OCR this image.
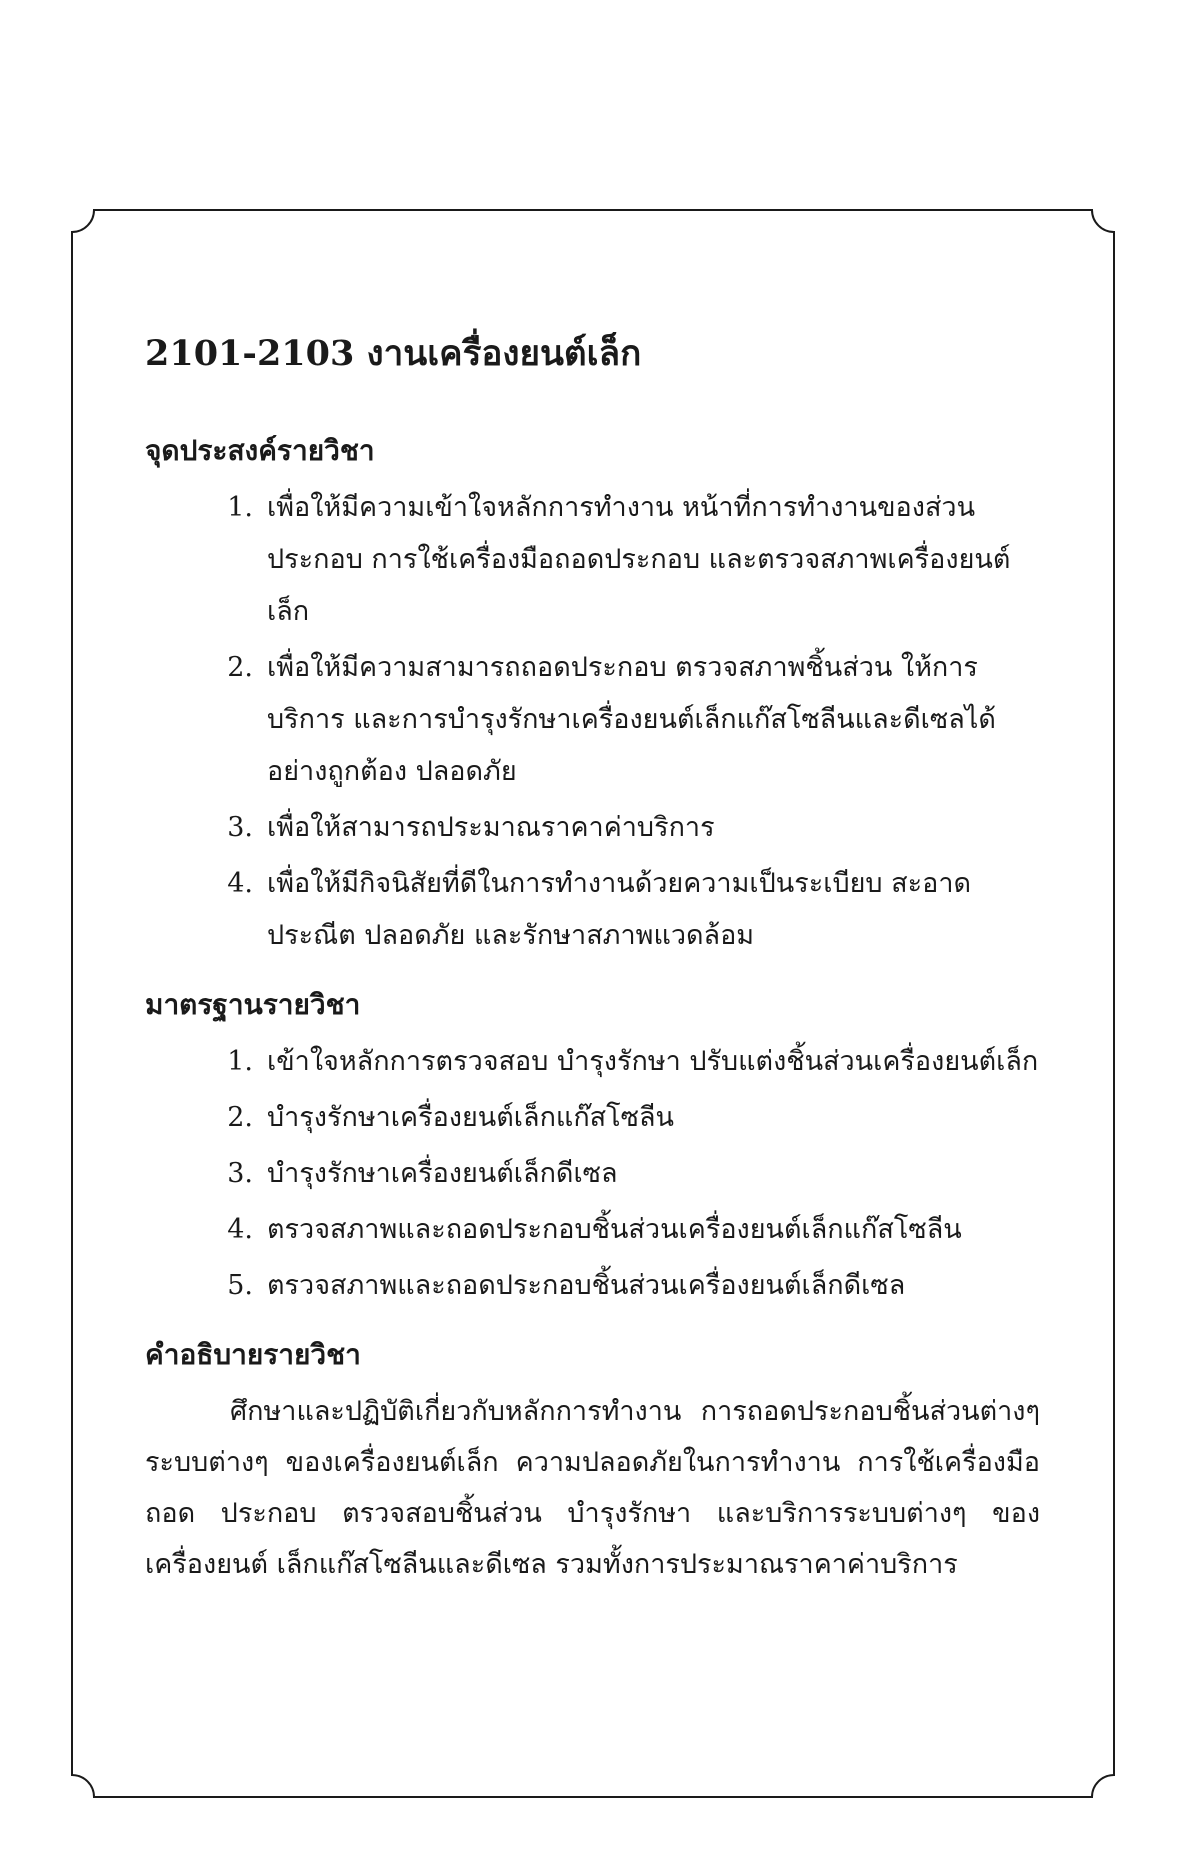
2101-2103 งานเครื่องยนต์เล็ก
จุดประสงค์รายวิชา
1. เพื่อให้มีความเข้าใจหลักการทำงาน หน้าที่การทำงานของส่วนประกอบ การใช้เครื่องมือถอดประกอบ และตรวจสภาพเครื่องยนต์เล็ก
2. เพื่อให้มีความสามารถถอดประกอบ ตรวจสภาพชิ้นส่วน ให้การบริการ และการบำรุงรักษาเครื่องยนต์เล็กแก๊สโซลีนและดีเซลได้อย่างถูกต้อง ปลอดภัย
3. เพื่อให้สามารถประมาณราคาค่าบริการ
4. เพื่อให้มีกิจนิสัยที่ดีในการทำงานด้วยความเป็นระเบียบ สะอาด ประณีต ปลอดภัย และรักษาสภาพแวดล้อม
มาตรฐานรายวิชา
1. เข้าใจหลักการตรวจสอบ บำรุงรักษา ปรับแต่งชิ้นส่วนเครื่องยนต์เล็ก
2. บำรุงรักษาเครื่องยนต์เล็กแก๊สโซลีน
3. บำรุงรักษาเครื่องยนต์เล็กดีเซล
4. ตรวจสภาพและถอดประกอบชิ้นส่วนเครื่องยนต์เล็กแก๊สโซลีน
5. ตรวจสภาพและถอดประกอบชิ้นส่วนเครื่องยนต์เล็กดีเซล
คำอธิบายรายวิชา

ศึกษาและปฏิบัติเกี่ยวกับหลักการทำงาน การถอดประกอบชิ้นส่วนต่างๆ ระบบต่างๆ ของเครื่องยนต์เล็ก ความปลอดภัยในการทำงาน การใช้เครื่องมือถอด ประกอบ ตรวจสอบชิ้นส่วน บำรุงรักษา และบริการระบบต่างๆ ของเครื่องยนต์ เล็กแก๊สโซลีนและดีเซล รวมทั้งการประมาณราคาค่าบริการ
